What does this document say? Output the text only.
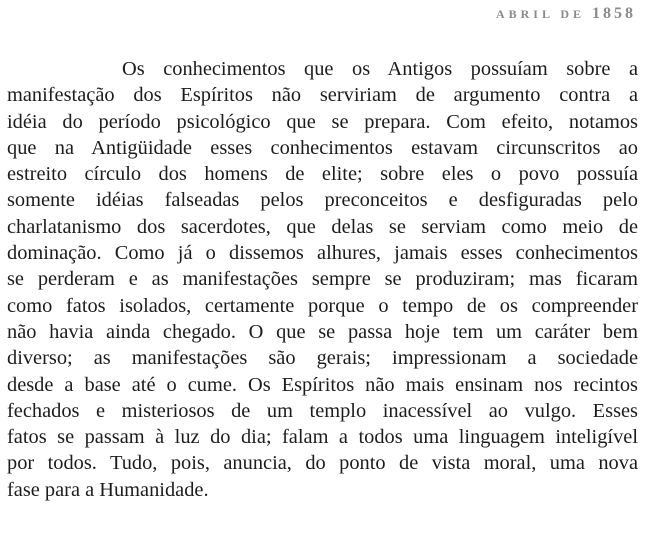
ABRIL DE 1858
Os conhecimentos que os Antigos possuíam sobre a
manifestação dos Espíritos não serviriam de argumento contra a
idéia do período psicológico que se prepara. Com efeito, notamos
que na Antigüidade esses conhecimentos estavam circunscritos ao
estreito círculo dos homens de elite; sobre eles o povo possuía
somente idéias falseadas pelos preconceitos e desfiguradas pelo
charlatanismo dos sacerdotes, que delas se serviam como meio de
dominação. Como já o dissemos alhures, jamais esses conhecimentos
se perderam e as manifestações sempre se produziram; mas ficaram
como fatos isolados, certamente porque o tempo de os compreender
não havia ainda chegado. O que se passa hoje tem um caráter bem
diverso; as manifestações são gerais; impressionam a sociedade
desde a base até o cume. Os Espíritos não mais ensinam nos recintos
fechados e misteriosos de um templo inacessível ao vulgo. Esses
fatos se passam à luz do dia; falam a todos uma linguagem inteligível
por todos. Tudo, pois, anuncia, do ponto de vista moral, uma nova
fase para a Humanidade.
